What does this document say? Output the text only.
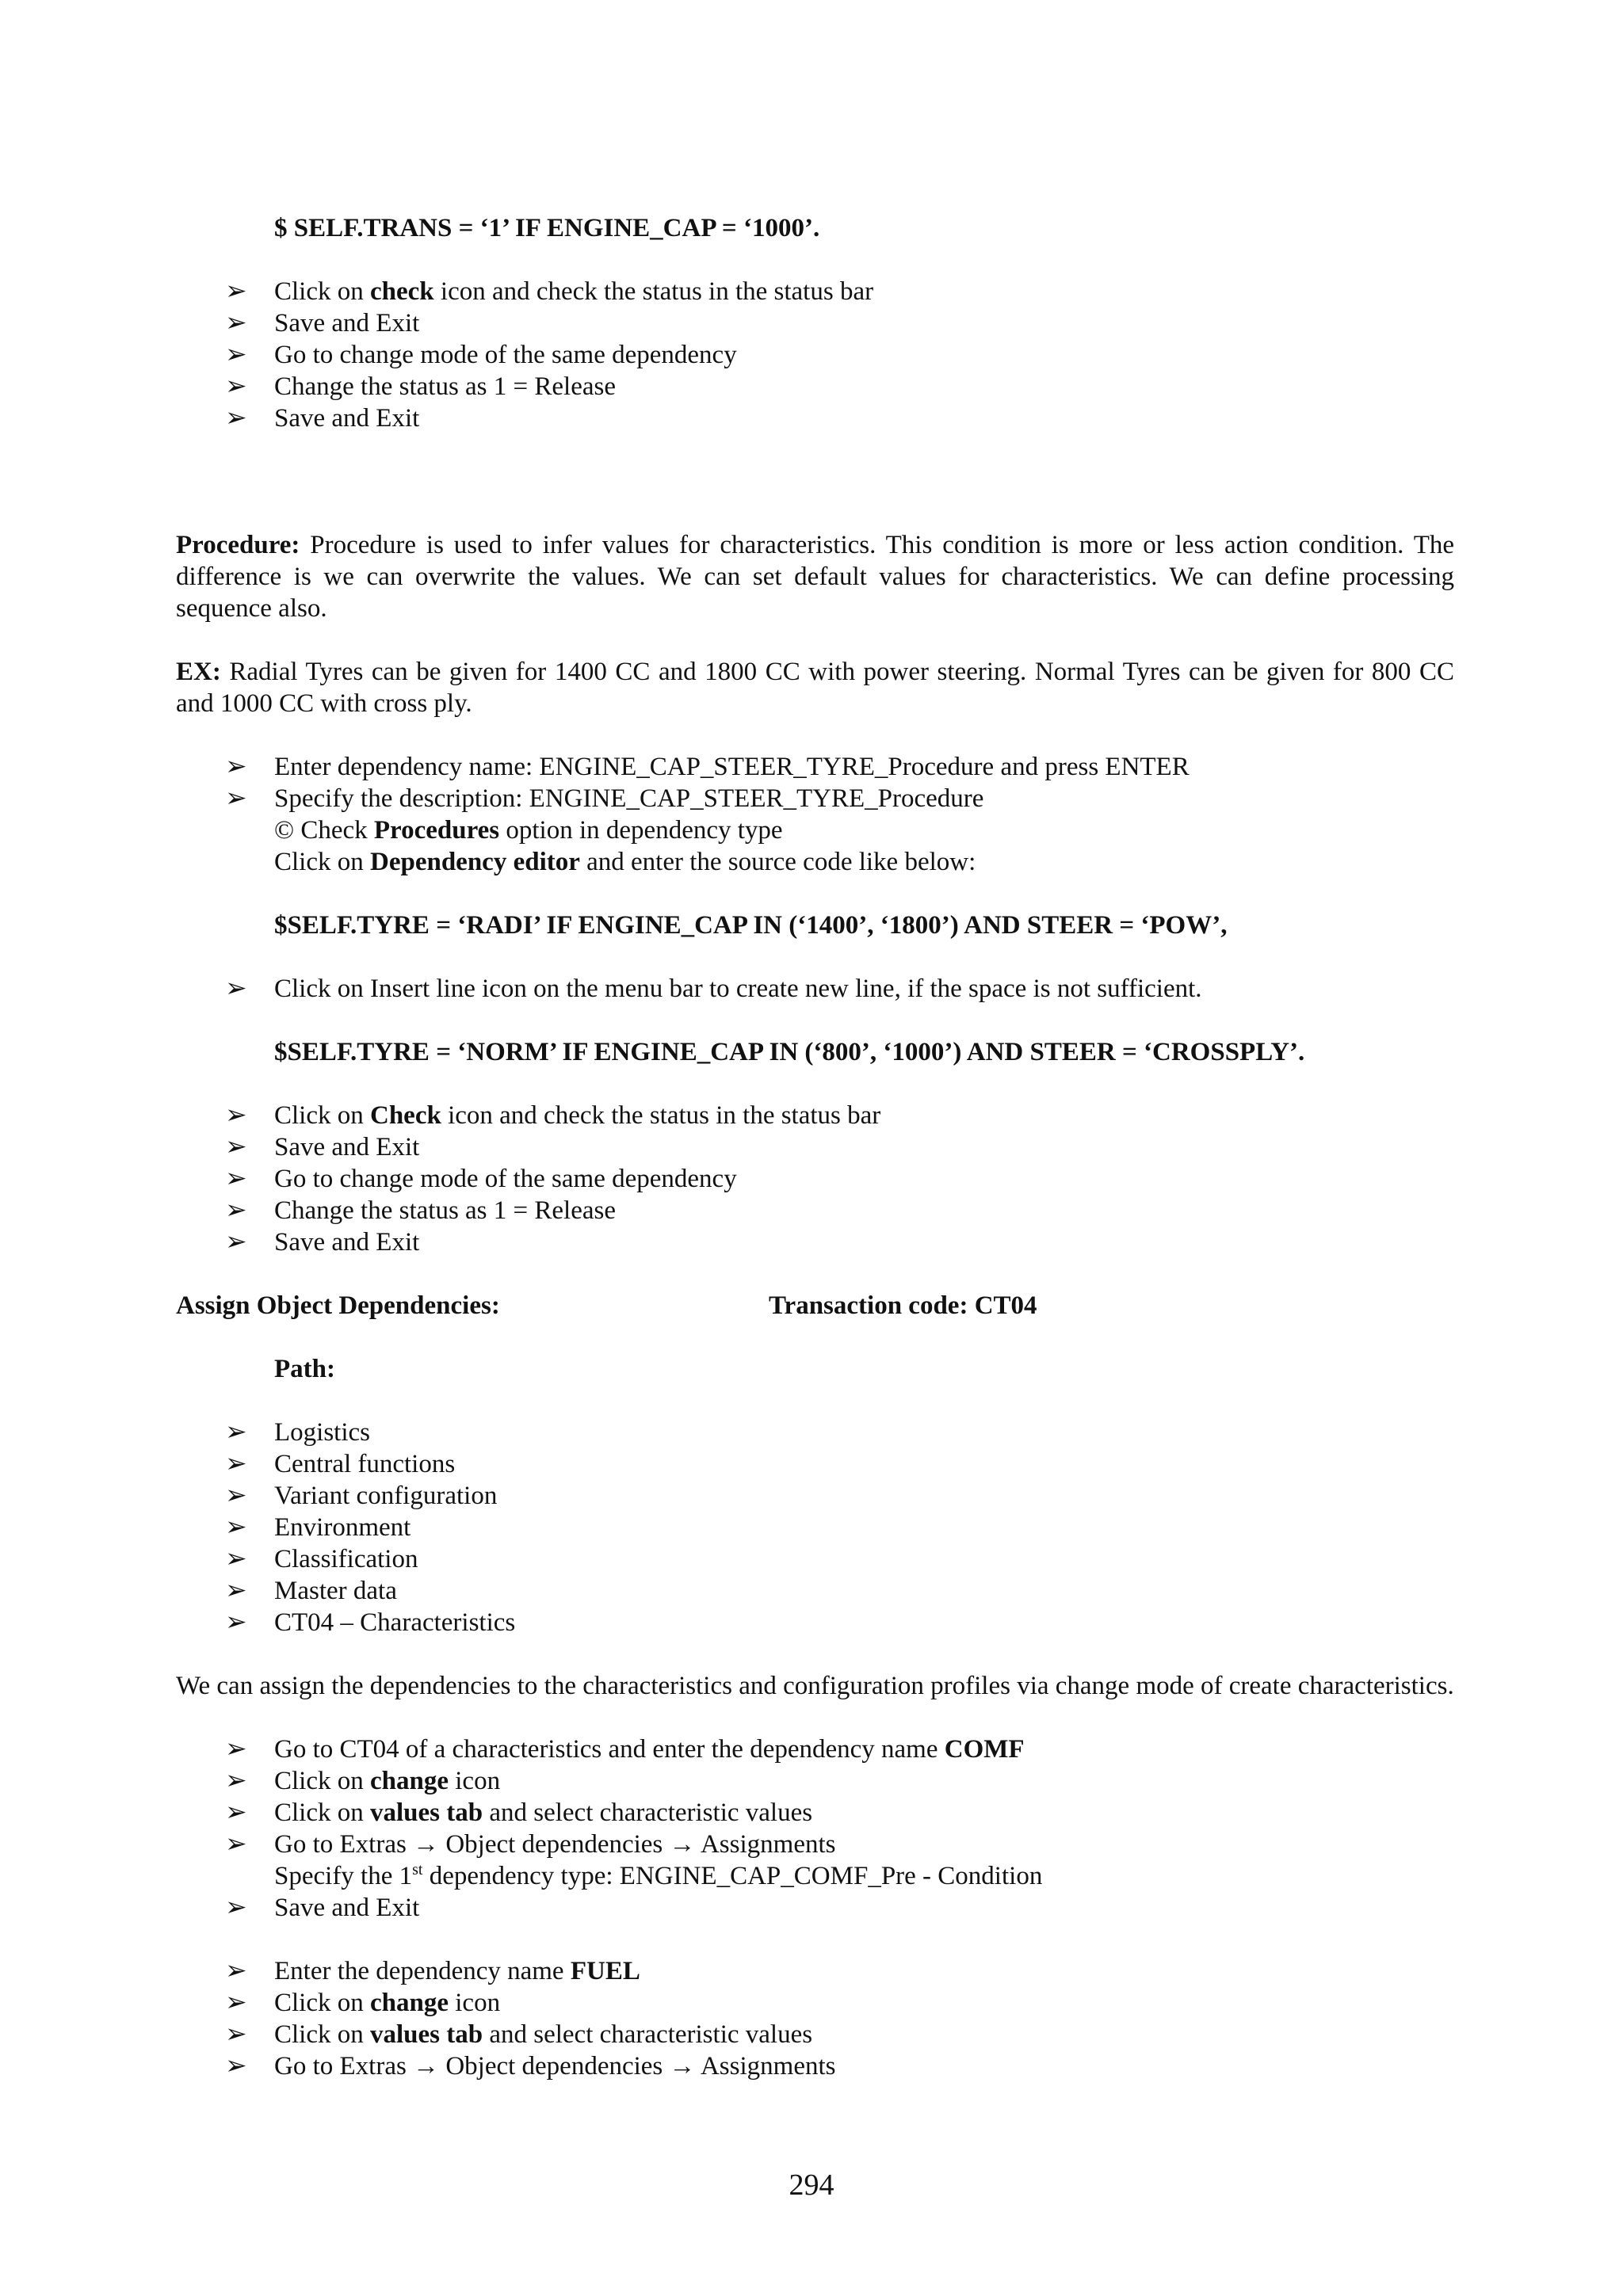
$ SELF.TRANS = ‘1’ IF ENGINE_CAP = ‘1000’.
➢ Click on check icon and check the status in the status bar
➢ Save and Exit
➢ Go to change mode of the same dependency
➢ Change the status as 1 = Release
➢ Save and Exit
Procedure: Procedure is used to infer values for characteristics. This condition is more or less action condition. The difference is we can overwrite the values. We can set default values for characteristics. We can define processing sequence also.
EX: Radial Tyres can be given for 1400 CC and 1800 CC with power steering. Normal Tyres can be given for 800 CC and 1000 CC with cross ply.
➢ Enter dependency name: ENGINE_CAP_STEER_TYRE_Procedure and press ENTER
➢ Specify the description: ENGINE_CAP_STEER_TYRE_Procedure
© Check Procedures option in dependency type
Click on Dependency editor and enter the source code like below:
$SELF.TYRE = ‘RADI’ IF ENGINE_CAP IN (‘1400’, ‘1800’) AND STEER = ‘POW’,
➢ Click on Insert line icon on the menu bar to create new line, if the space is not sufficient.
$SELF.TYRE = ‘NORM’ IF ENGINE_CAP IN (‘800’, ‘1000’) AND STEER = ‘CROSSPLY’.
➢ Click on Check icon and check the status in the status bar
➢ Save and Exit
➢ Go to change mode of the same dependency
➢ Change the status as 1 = Release
➢ Save and Exit
Assign Object Dependencies:	Transaction code: CT04
Path:
➢ Logistics
➢ Central functions
➢ Variant configuration
➢ Environment
➢ Classification
➢ Master data
➢ CT04 – Characteristics
We can assign the dependencies to the characteristics and configuration profiles via change mode of create characteristics.
➢ Go to CT04 of a characteristics and enter the dependency name COMF
➢ Click on change icon
➢ Click on values tab and select characteristic values
➢ Go to Extras → Object dependencies → Assignments
Specify the 1st dependency type: ENGINE_CAP_COMF_Pre - Condition
➢ Save and Exit
➢ Enter the dependency name FUEL
➢ Click on change icon
➢ Click on values tab and select characteristic values
➢ Go to Extras → Object dependencies → Assignments
294
